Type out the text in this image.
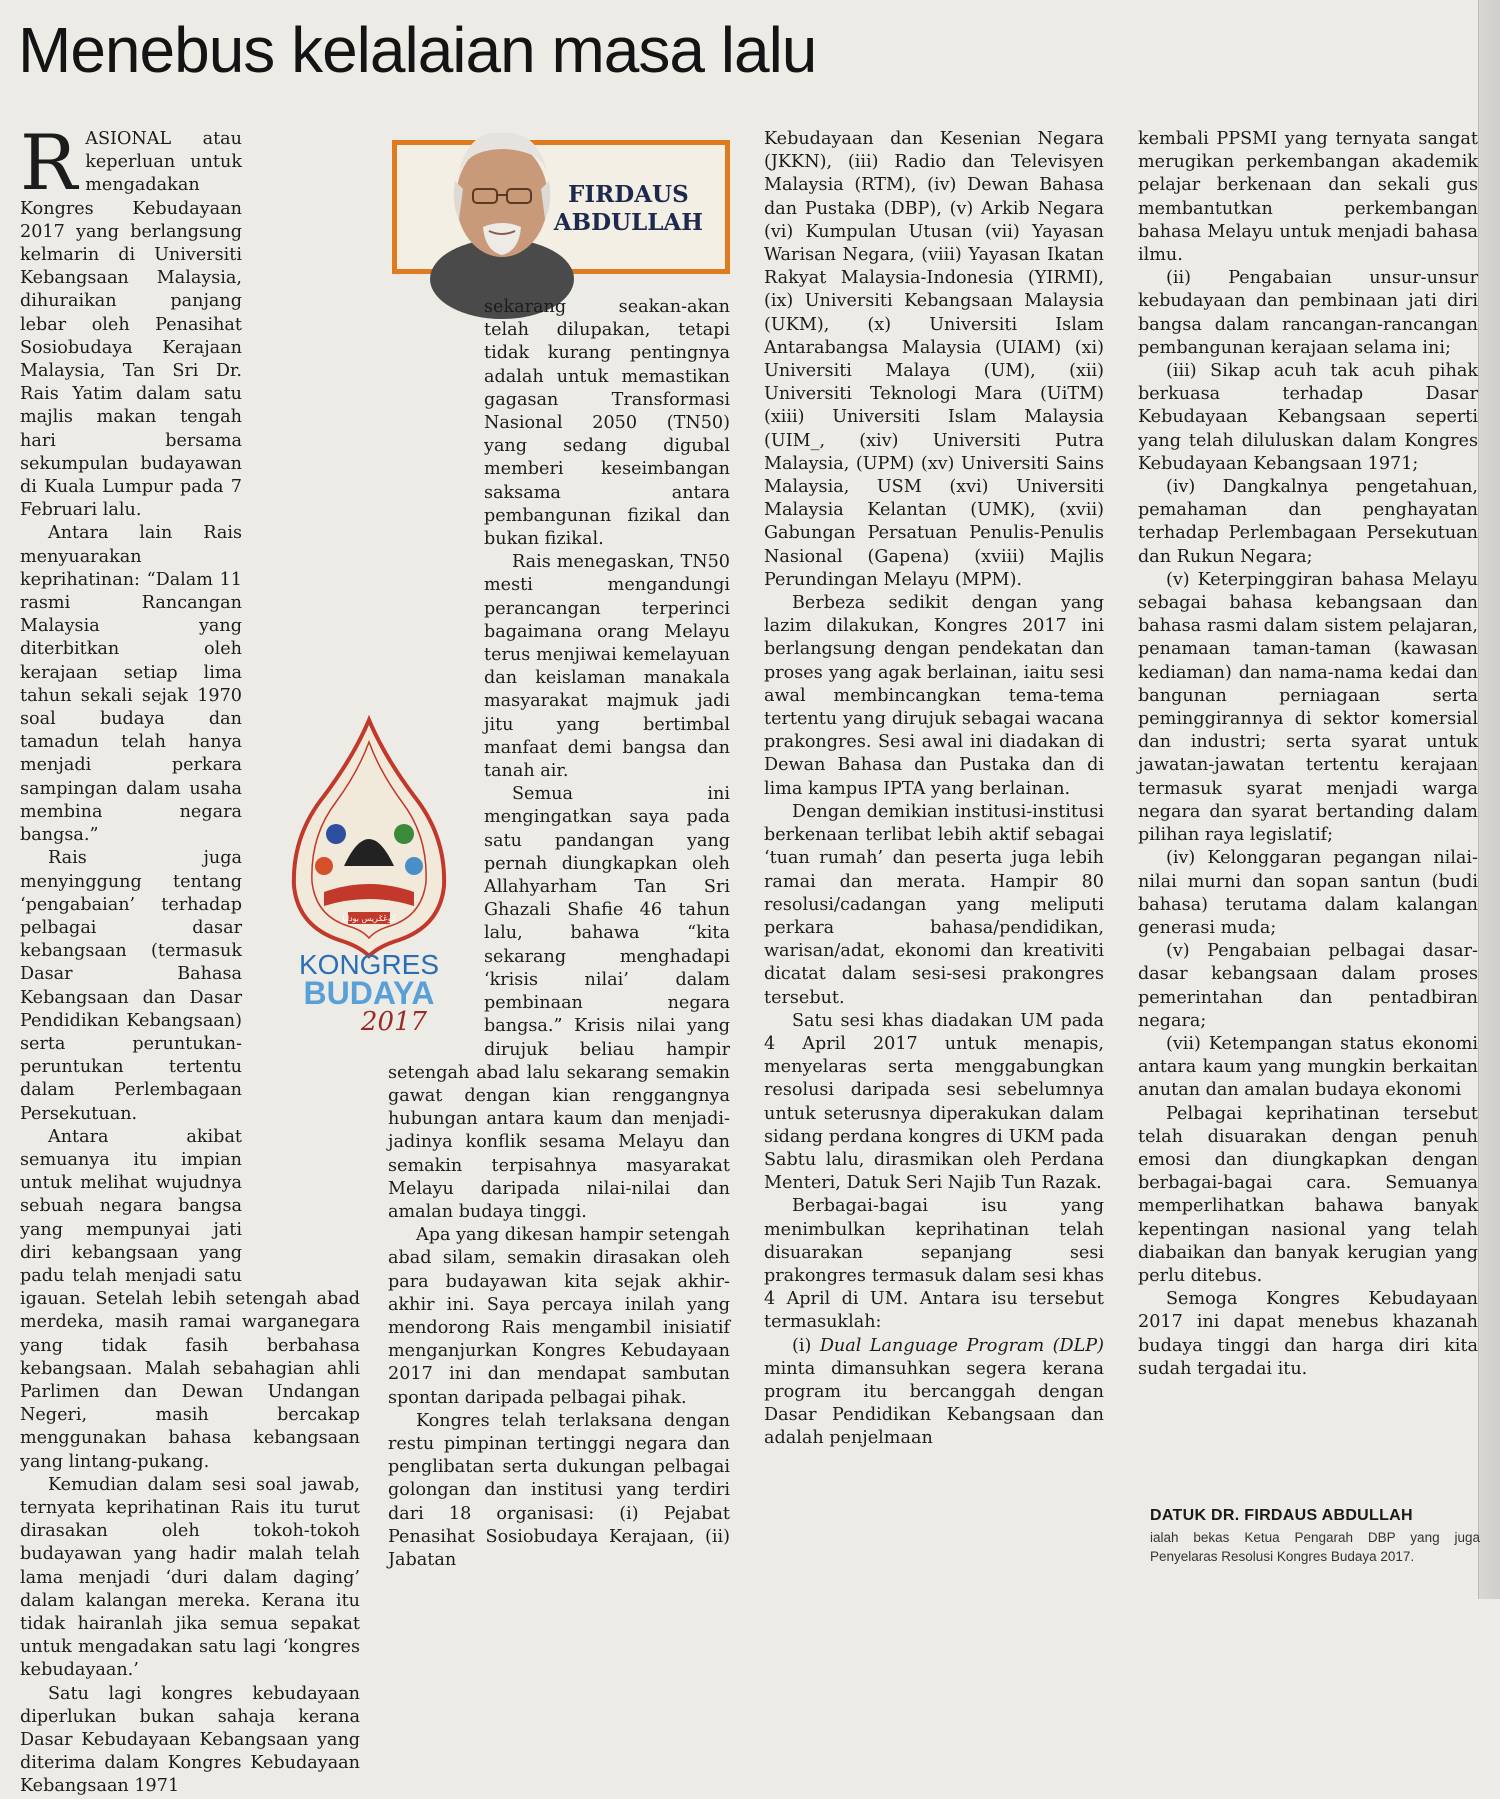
Menebus kelalaian masa lalu
FIRDAUS
ABDULLAH
كوڠݢريس بودايا
KONGRES
BUDAYA
2017

RASIONAL atau keperluan untuk mengadakan Kongres Kebudayaan 2017 yang berlangsung kelmarin di Universiti Kebangsaan Malaysia, dihuraikan panjang lebar oleh Penasihat Sosiobudaya Kerajaan Malaysia, Tan Sri Dr. Rais Yatim dalam satu majlis makan tengah hari bersama sekumpulan budayawan di Kuala Lumpur pada 7 Februari lalu.

Antara lain Rais menyuarakan keprihatinan: “Dalam 11 rasmi Rancangan Malaysia yang diterbitkan oleh kerajaan setiap lima tahun sekali sejak 1970 soal budaya dan tamadun telah hanya menjadi perkara sampingan dalam usaha membina negara bangsa.”

Rais juga menyinggung tentang ‘pengabaian’ terhadap pelbagai dasar kebangsaan (termasuk Dasar Bahasa Kebangsaan dan Dasar Pendidikan Kebangsaan) serta peruntukan-peruntukan tertentu dalam Perlembagaan Persekutuan.

Antara akibat semuanya itu impian untuk melihat wujudnya sebuah negara bangsa yang mempunyai jati diri kebangsaan yang padu telah menjadi satu igauan. Setelah lebih setengah abad merdeka, masih ramai warganegara yang tidak fasih berbahasa kebangsaan. Malah sebahagian ahli Parlimen dan Dewan Undangan Negeri, masih bercakap menggunakan bahasa kebangsaan yang lintang-pukang.

Kemudian dalam sesi soal jawab, ternyata keprihatinan Rais itu turut dirasakan oleh tokoh-tokoh budayawan yang hadir malah telah lama menjadi ‘duri dalam daging’ dalam kalangan mereka. Kerana itu tidak hairanlah jika semua sepakat untuk mengadakan satu lagi ‘kongres kebudayaan.’

Satu lagi kongres kebudayaan diperlukan bukan sahaja kerana Dasar Kebudayaan Kebangsaan yang diterima dalam Kongres Kebudayaan Kebangsaan 1971

sekarang seakan-akan telah dilupakan, tetapi tidak kurang pentingnya adalah untuk memastikan gagasan Transformasi Nasional 2050 (TN50) yang sedang digubal memberi keseimbangan saksama antara pembangunan fizikal dan bukan fizikal.

Rais menegaskan, TN50 mesti mengandungi perancangan terperinci bagaimana orang Melayu terus menjiwai kemelayuan dan keislaman manakala masyarakat majmuk jadi jitu yang bertimbal manfaat demi bangsa dan tanah air.

Semua ini mengingatkan saya pada satu pandangan yang pernah diungkapkan oleh Allahyarham Tan Sri Ghazali Shafie 46 tahun lalu, bahawa “kita sekarang menghadapi ‘krisis nilai’ dalam pembinaan negara bangsa.” Krisis nilai yang dirujuk beliau hampir setengah abad lalu sekarang semakin gawat dengan kian renggangnya hubungan antara kaum dan menjadi-jadinya konflik sesama Melayu dan semakin terpisahnya masyarakat Melayu daripada nilai-nilai dan amalan budaya tinggi.

Apa yang dikesan hampir setengah abad silam, semakin dirasakan oleh para budayawan kita sejak akhir-akhir ini. Saya percaya inilah yang mendorong Rais mengambil inisiatif menganjurkan Kongres Kebudayaan 2017 ini dan mendapat sambutan spontan daripada pelbagai pihak.

Kongres telah terlaksana dengan restu pimpinan tertinggi negara dan penglibatan serta dukungan pelbagai golongan dan institusi yang terdiri dari 18 organisasi: (i) Pejabat Penasihat Sosiobudaya Kerajaan, (ii) Jabatan

Kebudayaan dan Kesenian Negara (JKKN), (iii) Radio dan Televisyen Malaysia (RTM), (iv) Dewan Bahasa dan Pustaka (DBP), (v) Arkib Negara (vi) Kumpulan Utusan (vii) Yayasan Warisan Negara, (viii) Yayasan Ikatan Rakyat Malaysia-Indonesia (YIRMI), (ix) Universiti Kebangsaan Malaysia (UKM), (x) Universiti Islam Antarabangsa Malaysia (UIAM) (xi) Universiti Malaya (UM), (xii) Universiti Teknologi Mara (UiTM) (xiii) Universiti Islam Malaysia (UIM_, (xiv) Universiti Putra Malaysia, (UPM) (xv) Universiti Sains Malaysia, USM (xvi) Universiti Malaysia Kelantan (UMK), (xvii) Gabungan Persatuan Penulis-Penulis Nasional (Gapena) (xviii) Majlis Perundingan Melayu (MPM).

Berbeza sedikit dengan yang lazim dilakukan, Kongres 2017 ini berlangsung dengan pendekatan dan proses yang agak berlainan, iaitu sesi awal membincangkan tema-tema tertentu yang dirujuk sebagai wacana prakongres. Sesi awal ini diadakan di Dewan Bahasa dan Pustaka dan di lima kampus IPTA yang berlainan.

Dengan demikian institusi-institusi berkenaan terlibat lebih aktif sebagai ‘tuan rumah’ dan peserta juga lebih ramai dan merata. Hampir 80 resolusi/cadangan yang meliputi perkara bahasa/pendidikan, warisan/adat, ekonomi dan kreativiti dicatat dalam sesi-sesi prakongres tersebut.

Satu sesi khas diadakan UM pada 4 April 2017 untuk menapis, menyelaras serta menggabungkan resolusi daripada sesi sebelumnya untuk seterusnya diperakukan dalam sidang perdana kongres di UKM pada Sabtu lalu, dirasmikan oleh Perdana Menteri, Datuk Seri Najib Tun Razak.

Berbagai-bagai isu yang menimbulkan keprihatinan telah disuarakan sepanjang sesi prakongres termasuk dalam sesi khas 4 April di UM. Antara isu tersebut termasuklah:

(i) Dual Language Program (DLP) minta dimansuhkan segera kerana program itu bercanggah dengan Dasar Pendidikan Kebangsaan dan adalah penjelmaan

kembali PPSMI yang ternyata sangat merugikan perkembangan akademik pelajar berkenaan dan sekali gus membantutkan perkembangan bahasa Melayu untuk menjadi bahasa ilmu.

(ii) Pengabaian unsur-unsur kebudayaan dan pembinaan jati diri bangsa dalam rancangan-rancangan pembangunan kerajaan selama ini;

(iii) Sikap acuh tak acuh pihak berkuasa terhadap Dasar Kebudayaan Kebangsaan seperti yang telah diluluskan dalam Kongres Kebudayaan Kebangsaan 1971;

(iv) Dangkalnya pengetahuan, pemahaman dan penghayatan terhadap Perlembagaan Persekutuan dan Rukun Negara;

(v) Keterpinggiran bahasa Melayu sebagai bahasa kebangsaan dan bahasa rasmi dalam sistem pelajaran, penamaan taman-taman (kawasan kediaman) dan nama-nama kedai dan bangunan perniagaan serta peminggirannya di sektor komersial dan industri; serta syarat untuk jawatan-jawatan tertentu kerajaan termasuk syarat menjadi warga negara dan syarat bertanding dalam pilihan raya legislatif;

(iv) Kelonggaran pegangan nilai-nilai murni dan sopan santun (budi bahasa) terutama dalam kalangan generasi muda;

(v) Pengabaian pelbagai dasar-dasar kebangsaan dalam proses pemerintahan dan pentadbiran negara;

(vii) Ketempangan status ekonomi antara kaum yang mungkin berkaitan anutan dan amalan budaya ekonomi

Pelbagai keprihatinan tersebut telah disuarakan dengan penuh emosi dan diungkapkan dengan berbagai-bagai cara. Semuanya memperlihatkan bahawa banyak kepentingan nasional yang telah diabaikan dan banyak kerugian yang perlu ditebus.

Semoga Kongres Kebudayaan 2017 ini dapat menebus khazanah budaya tinggi dan harga diri kita sudah tergadai itu.

DATUK DR. FIRDAUS ABDULLAH
ialah bekas Ketua Pengarah DBP yang juga Penyelaras Resolusi Kongres Budaya 2017.
